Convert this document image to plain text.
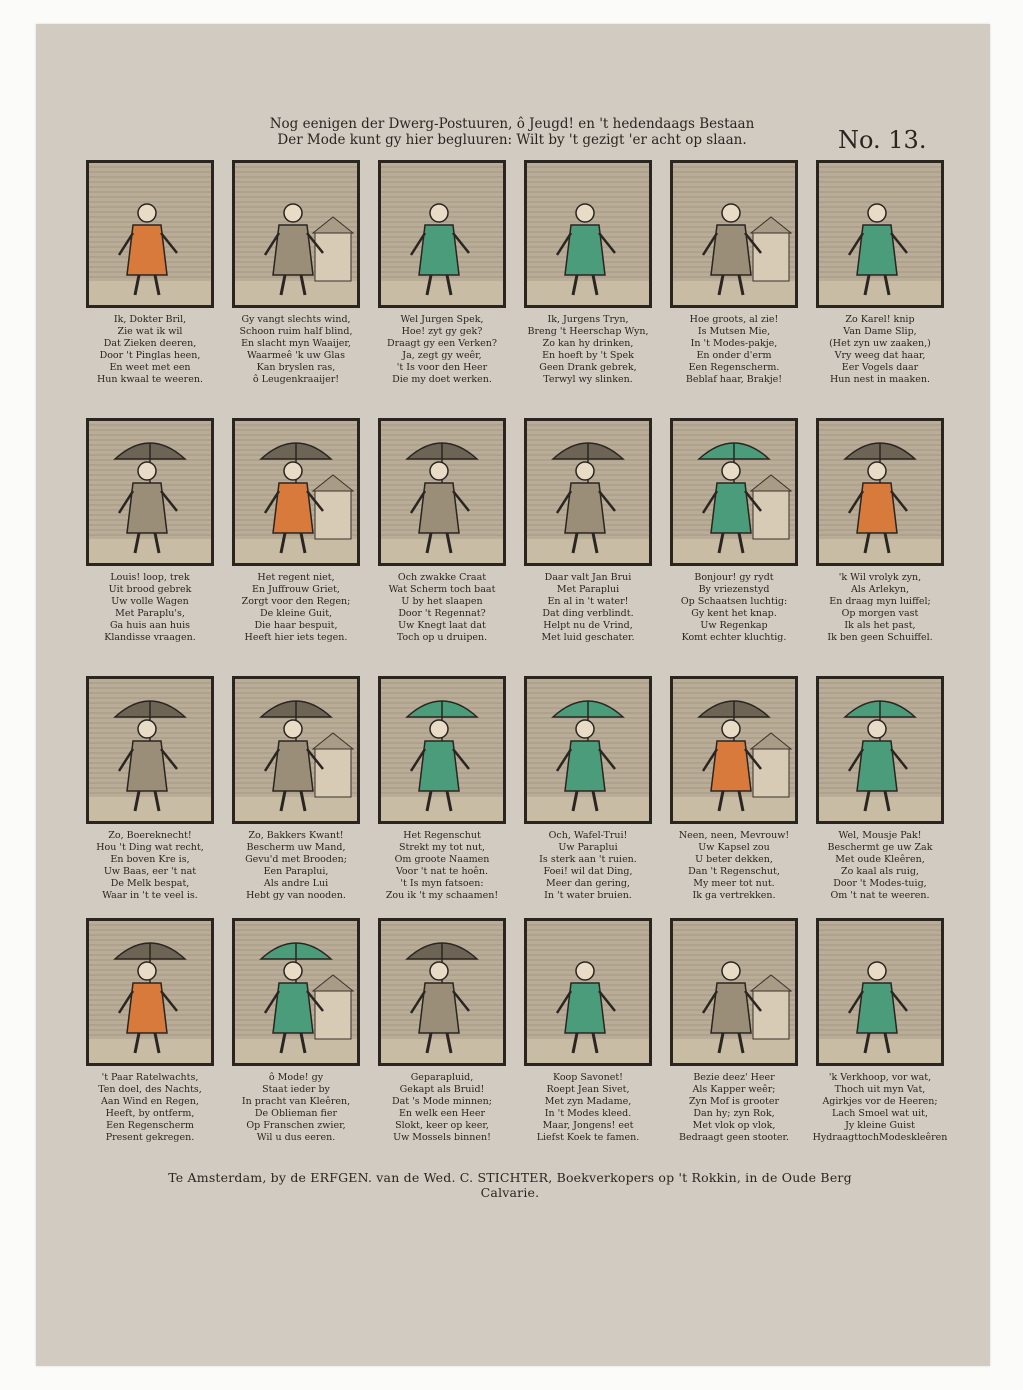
Nog eenigen der Dwerg-Postuuren, ô Jeugd! en 't hedendaags Bestaan
Der Mode kunt gy hier begluuren: Wilt by 't gezigt 'er acht op slaan.	No. 13.
Ik, Dokter Bril,
Zie wat ik wil
Dat Zieken deeren,
Door 't Pinglas heen,
En weet met een
Hun kwaal te weeren.
Gy vangt slechts wind,
Schoon ruim half blind,
En slacht myn Waaijer,
Waarmeê 'k uw Glas
Kan bryslen ras,
ô Leugenkraaijer!
Wel Jurgen Spek,
Hoe! zyt gy gek?
Draagt gy een Verken?
Ja, zegt gy weêr,
't Is voor den Heer
Die my doet werken.
Ik, Jurgens Tryn,
Breng 't Heerschap Wyn,
Zo kan hy drinken,
En hoeft by 't Spek
Geen Drank gebrek,
Terwyl wy slinken.
Hoe groots, al zie!
Is Mutsen Mie,
In 't Modes-pakje,
En onder d'erm
Een Regenscherm.
Beblaf haar, Brakje!
Zo Karel! knip
Van Dame Slip,
(Het zyn uw zaaken,)
Vry weeg dat haar,
Eer Vogels daar
Hun nest in maaken.
Louis! loop, trek
Uit brood gebrek
Uw volle Wagen
Met Paraplu's,
Ga huis aan huis
Klandisse vraagen.
Het regent niet,
En Juffrouw Griet,
Zorgt voor den Regen;
De kleine Guit,
Die haar bespuit,
Heeft hier iets tegen.
Och zwakke Craat
Wat Scherm toch baat
U by het slaapen
Door 't Regennat?
Uw Knegt laat dat
Toch op u druipen.
Daar valt Jan Brui
Met Paraplui
En al in 't water!
Dat ding verblindt.
Helpt nu de Vrind,
Met luid geschater.
Bonjour! gy rydt
By vriezenstyd
Op Schaatsen luchtig:
Gy kent het knap.
Uw Regenkap
Komt echter kluchtig.
'k Wil vrolyk zyn,
Als Arlekyn,
En draag myn luiffel;
Op morgen vast
Ik als het past,
Ik ben geen Schuiffel.
Zo, Boereknecht!
Hou 't Ding wat recht,
En boven Kre is,
Uw Baas, eer 't nat
De Melk bespat,
Waar in 't te veel is.
Zo, Bakkers Kwant!
Bescherm uw Mand,
Gevu'd met Brooden;
Een Paraplui,
Als andre Lui
Hebt gy van nooden.
Het Regenschut
Strekt my tot nut,
Om groote Naamen
Voor 't nat te hoên.
't Is myn fatsoen:
Zou ik 't my schaamen!
Och, Wafel-Trui!
Uw Paraplui
Is sterk aan 't ruien.
Foei! wil dat Ding,
Meer dan gering,
In 't water bruien.
Neen, neen, Mevrouw!
Uw Kapsel zou
U beter dekken,
Dan 't Regenschut,
My meer tot nut.
Ik ga vertrekken.
Wel, Mousje Pak!
Beschermt ge uw Zak
Met oude Kleêren,
Zo kaal als ruig,
Door 't Modes-tuig,
Om 't nat te weeren.
't Paar Ratelwachts,
Ten doel, des Nachts,
Aan Wind en Regen,
Heeft, by ontferm,
Een Regenscherm
Present gekregen.
ô Mode! gy
Staat ieder by
In pracht van Kleêren,
De Oblieman fier
Op Franschen zwier,
Wil u dus eeren.
Geparapluid,
Gekapt als Bruid!
Dat 's Mode minnen;
En welk een Heer
Slokt, keer op keer,
Uw Mossels binnen!
Koop Savonet!
Roept Jean Sivet,
Met zyn Madame,
In 't Modes kleed.
Maar, Jongens! eet
Liefst Koek te famen.
Bezie deez' Heer
Als Kapper weêr;
Zyn Mof is grooter
Dan hy; zyn Rok,
Met vlok op vlok,
Bedraagt geen stooter.
'k Verkhoop, vor wat,
Thoch uit myn Vat,
Agirkjes vor de Heeren;
Lach Smoel wat uit,
Jy kleine Guist
HydraagttochModeskleêren
Te Amsterdam, by de ERFGEN. van de Wed. C. STICHTER, Boekverkopers op 't Rokkin, in de Oude Berg Calvarie.
